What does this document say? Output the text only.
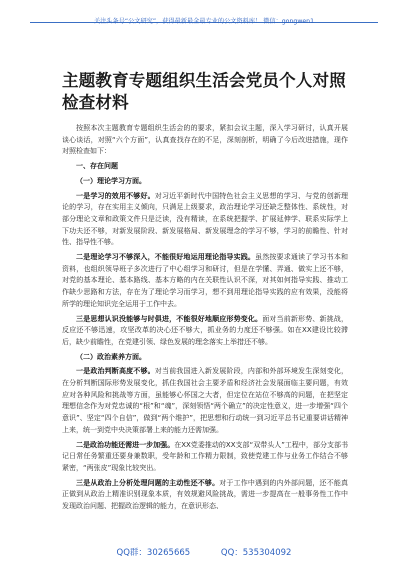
关注头条号“公文研究”，获得最新最全最专业的公文资料库！ 微信：gongwen1
主题教育专题组织生活会党员个人对照检查材料

按照本次主题教育专题组织生活会的的要求，紧扣会议主题，深入学习研讨，认真开展谈心谈话，对照“六个方面”，认真查找存在的不足，深刻剖析，明确了今后改进措施，现作对照检查如下：

一、存在问题

（一）理论学习方面。

一是学习的效用不够好。对习近平新时代中国特色社会主义思想的学习、与党的创新理论的学习，存在实用主义倾向，只满足上级要求，政治理论学习还缺乏整体性、系统性，对部分理论文章和政策文件只是泛读，没有精读，在系统把握学、扩展延伸学、联系实际学上下功夫还不够，对新发展阶段、新发展格局、新发展理念的学习不够，学习的前瞻性、针对性、指导性不够。

二是理论学习不够深入，不能很好地运用理论指导实践。虽然按要求通读了学习书本和资料，也组织领导班子多次进行了中心组学习和研讨，但是在学懂、弄通、做实上还不够，对党的基本理论、基本路线、基本方略的内在关联性认识不深，对其如何指导实践、推动工作缺少思路和方法，存在为了理论学习而学习，想不到用理论指导实践的应有效果，没能将所学的理论知识完全运用于工作中去。

三是思想认识没能够与时俱进，不能很好地顺应形势变化。面对当前新形势、新挑战，反应还不够迅速，攻坚改革的决心还不够大，抓业务的力度还不够强。如在XX建设比较滞后，缺少前瞻性，在党建引领、绿色发展的理念落实上举措还不够。

（二）政治素养方面。

一是政治判断高度不够。对当前我国进入新发展阶段，内部和外部环境发生深刻变化，在分析判断国际形势发展变化，抓住我国社会主要矛盾和经济社会发展面临主要问题，有效应对各种风险和挑战等方面，虽能够心怀国之大者，但定位在站位不够高的问题，在把坚定理想信念作为对党忠诚的“根”和“魂”，深刻领悟“两个确立”的决定性意义，进一步增强“四个意识”、坚定“四个自信”，做到“两个维护”，把思想和行动统一到习近平总书记重要讲话精神上来，统一到党中央决策部署上来的能力还需加强。

二是政治功能还需进一步加强。在XX党委推动的XX支部“双带头人”工程中，部分支部书记日常任务繁重还要身兼数职，受年龄和工作精力限制，致使党建工作与业务工作结合不够紧密，“两张皮”现象比较突出。

三是从政治上分析处理问题的主动性还不够。对于工作中遇到的内外部问题，还不能真正做到从政治上精准识别现象本质，有效规避风险挑战，需进一步提高在一般事务性工作中发现政治问题、把握政治逻辑的能力，在意识形态、

QQ群：30265665	QQ：535304092
